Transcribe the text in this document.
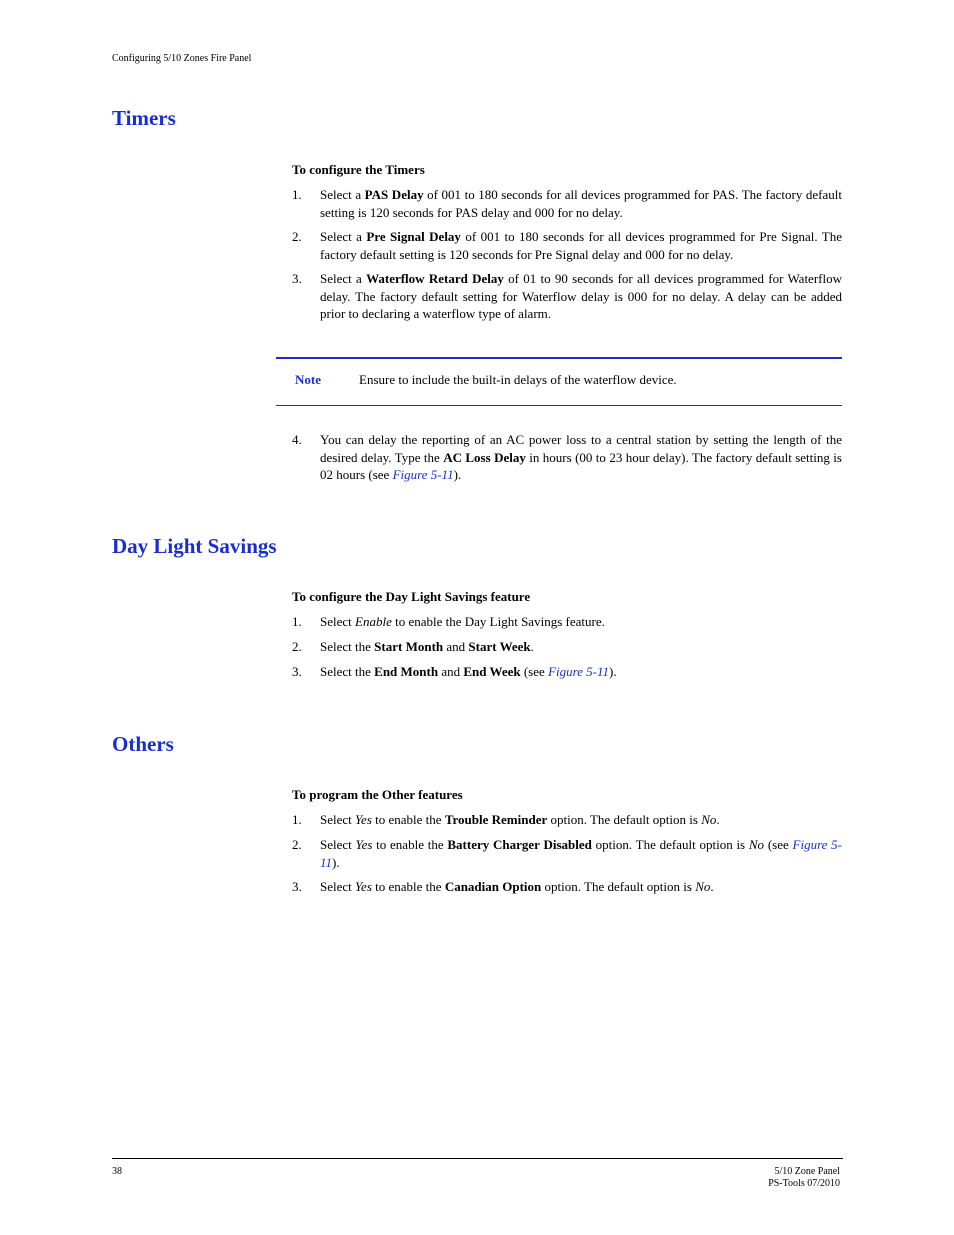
Configuring 5/10 Zones Fire Panel
Timers
To configure the Timers
1. Select a PAS Delay of 001 to 180 seconds for all devices programmed for PAS. The factory default setting is 120 seconds for PAS delay and 000 for no delay.
2. Select a Pre Signal Delay of 001 to 180 seconds for all devices programmed for Pre Signal. The factory default setting is 120 seconds for Pre Signal delay and 000 for no delay.
3. Select a Waterflow Retard Delay of 01 to 90 seconds for all devices programmed for Waterflow delay. The factory default setting for Waterflow delay is 000 for no delay. A delay can be added prior to declaring a waterflow type of alarm.
Note	Ensure to include the built-in delays of the waterflow device.
4. You can delay the reporting of an AC power loss to a central station by setting the length of the desired delay. Type the AC Loss Delay in hours (00 to 23 hour delay). The factory default setting is 02 hours (see Figure 5-11).
Day Light Savings
To configure the Day Light Savings feature
1. Select Enable to enable the Day Light Savings feature.
2. Select the Start Month and Start Week.
3. Select the End Month and End Week (see Figure 5-11).
Others
To program the Other features
1. Select Yes to enable the Trouble Reminder option. The default option is No.
2. Select Yes to enable the Battery Charger Disabled option. The default option is No (see Figure 5-11).
3. Select Yes to enable the Canadian Option option. The default option is No.
38	5/10 Zone Panel
PS-Tools 07/2010
